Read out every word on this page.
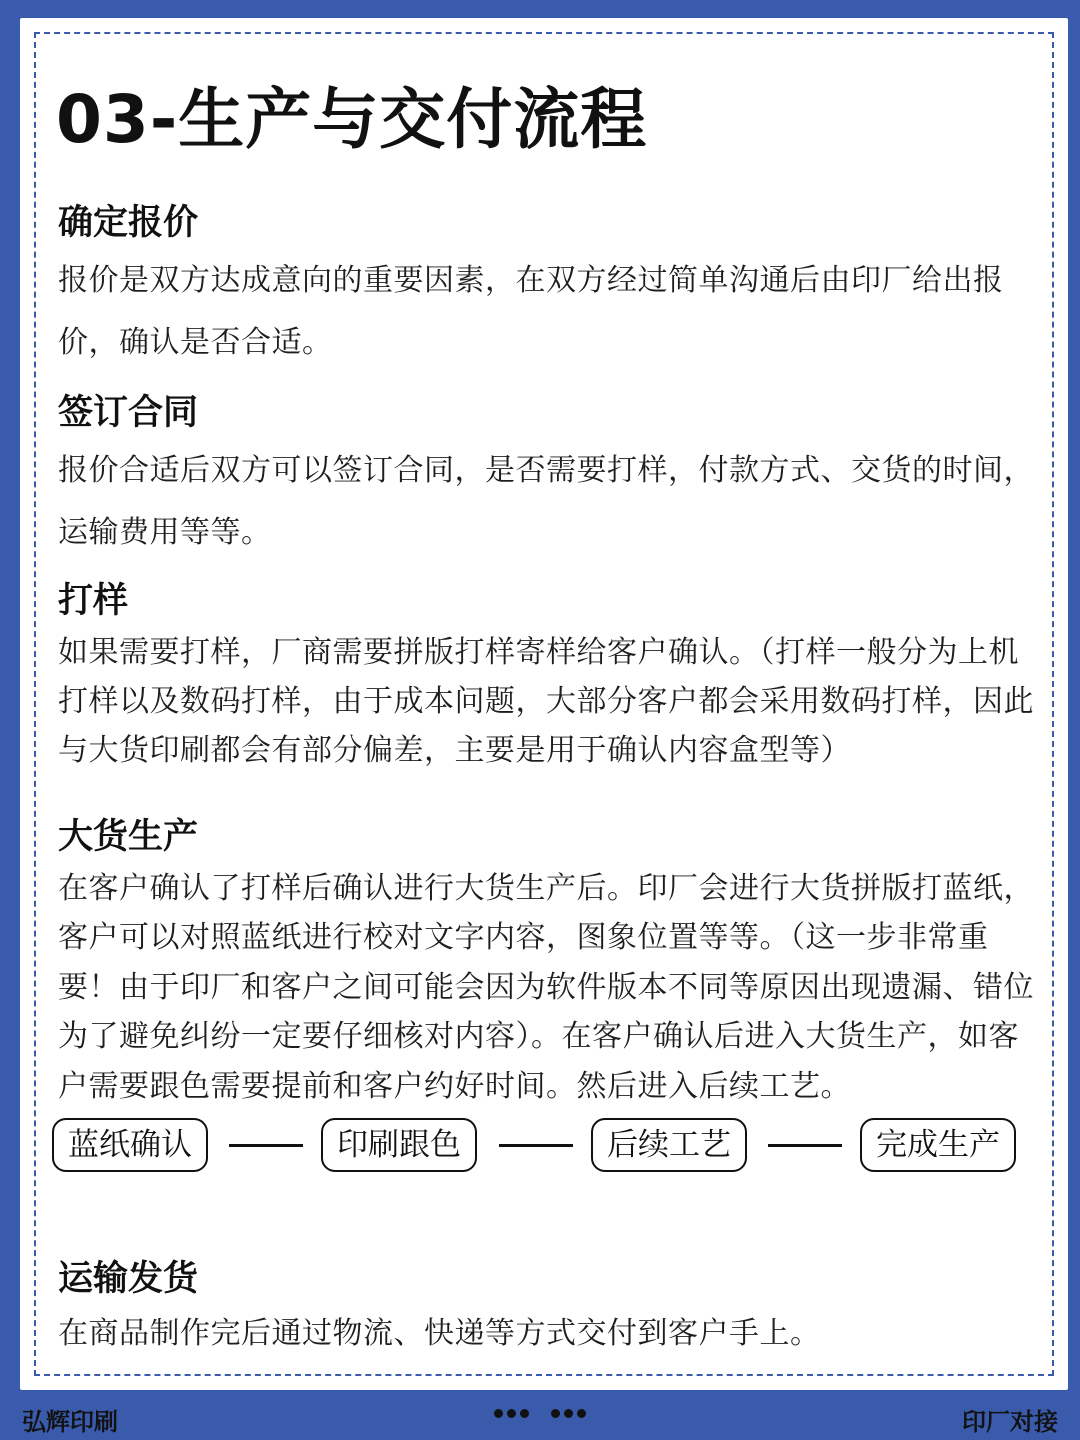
03-生产与交付流程
确定报价

报价是双方达成意向的重要因素，在双方经过简单沟通后由印厂给出报价，确认是否合适。

签订合同

报价合适后双方可以签订合同，是否需要打样，付款方式、交货的时间，运输费用等等。

打样

如果需要打样，厂商需要拼版打样寄样给客户确认。（打样一般分为上机打样以及数码打样，由于成本问题，大部分客户都会采用数码打样，因此与大货印刷都会有部分偏差，主要是用于确认内容盒型等）

大货生产

在客户确认了打样后确认进行大货生产后。印厂会进行大货拼版打蓝纸，客户可以对照蓝纸进行校对文字内容，图象位置等等。（这一步非常重要！由于印厂和客户之间可能会因为软件版本不同等原因出现遗漏、错位为了避免纠纷一定要仔细核对内容）。在客户确认后进入大货生产，如客户需要跟色需要提前和客户约好时间。然后进入后续工艺。

蓝纸确认	印刷跟色	后续工艺	完成生产
运输发货

在商品制作完后通过物流、快递等方式交付到客户手上。

弘辉印刷	印厂对接
